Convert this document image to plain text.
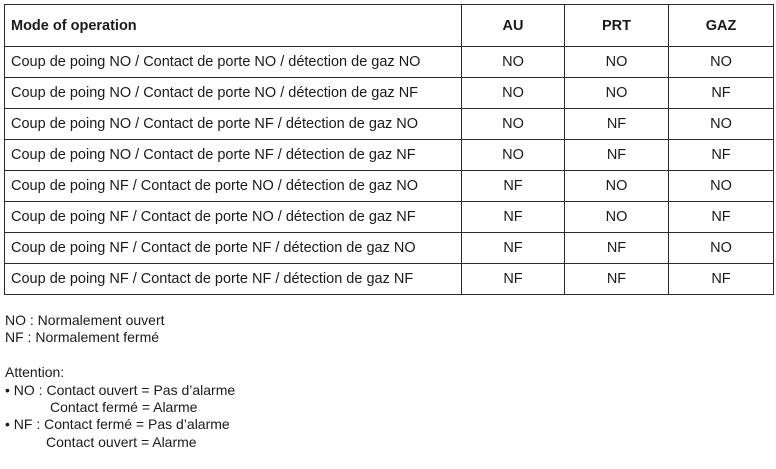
Mode of operation	AU	PRT	GAZ
Coup de poing NO / Contact de porte NO / détection de gaz NO	NO	NO	NO
Coup de poing NO / Contact de porte NO / détection de gaz NF	NO	NO	NF
Coup de poing NO / Contact de porte NF / détection de gaz NO	NO	NF	NO
Coup de poing NO / Contact de porte NF / détection de gaz NF	NO	NF	NF
Coup de poing NF / Contact de porte NO / détection de gaz NO	NF	NO	NO
Coup de poing NF / Contact de porte NO / détection de gaz NF	NF	NO	NF
Coup de poing NF / Contact de porte NF / détection de gaz NO	NF	NF	NO
Coup de poing NF / Contact de porte NF / détection de gaz NF	NF	NF	NF
NO : Normalement ouvert
NF : Normalement fermé
Attention:
• NO : Contact ouvert = Pas d’alarme
Contact fermé = Alarme
• NF : Contact fermé = Pas d’alarme
Contact ouvert = Alarme
